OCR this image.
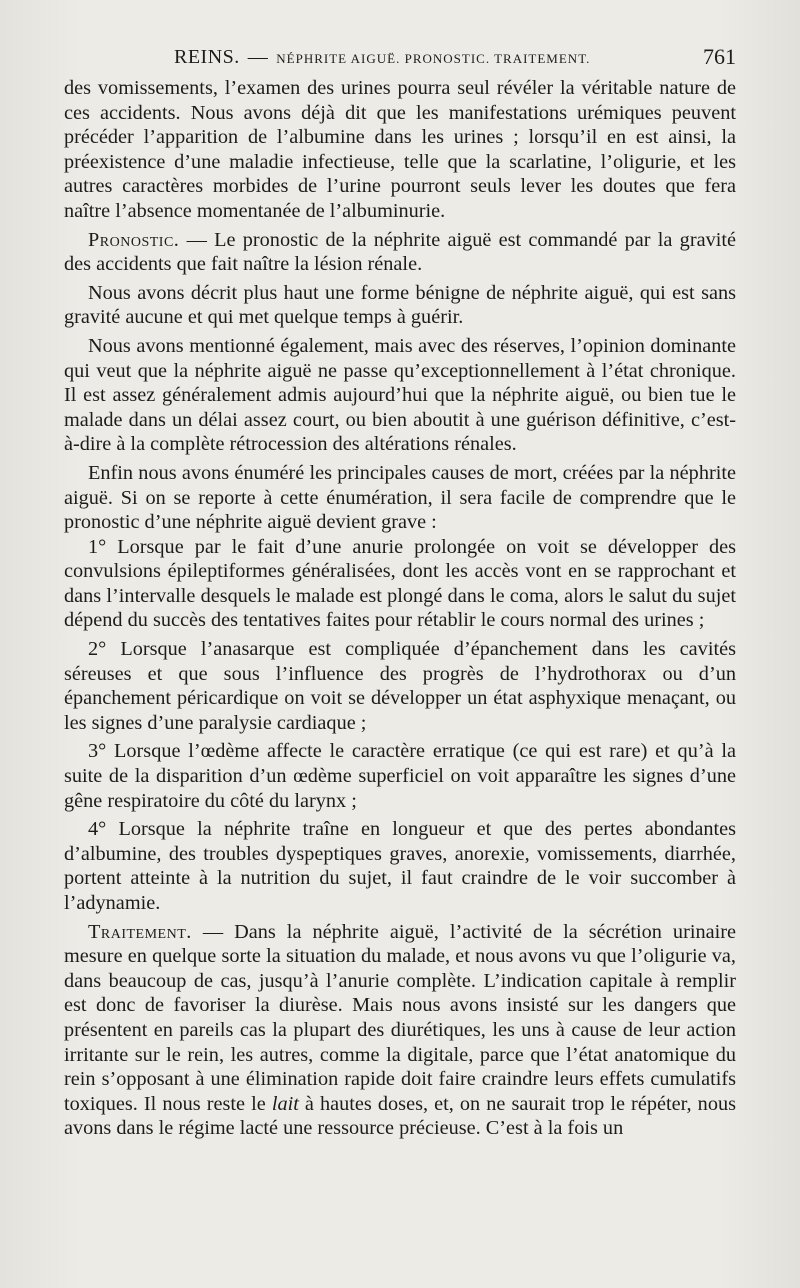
REINS. — NÉPHRITE AIGUË. PRONOSTIC. TRAITEMENT.	761

des vomissements, l’examen des urines pourra seul révéler la véritable nature de ces accidents. Nous avons déjà dit que les manifestations urémiques peuvent précéder l’apparition de l’albumine dans les urines ; lorsqu’il en est ainsi, la préexistence d’une maladie infectieuse, telle que la scarlatine, l’oligurie, et les autres caractères morbides de l’urine pourront seuls lever les doutes que fera naître l’absence momentanée de l’albuminurie.

Pronostic. — Le pronostic de la néphrite aiguë est commandé par la gravité des accidents que fait naître la lésion rénale.

Nous avons décrit plus haut une forme bénigne de néphrite aiguë, qui est sans gravité aucune et qui met quelque temps à guérir.

Nous avons mentionné également, mais avec des réserves, l’opinion dominante qui veut que la néphrite aiguë ne passe qu’exceptionnellement à l’état chronique. Il est assez généralement admis aujourd’hui que la néphrite aiguë, ou bien tue le malade dans un délai assez court, ou bien aboutit à une guérison définitive, c’est-à-dire à la complète rétrocession des altérations rénales.

Enfin nous avons énuméré les principales causes de mort, créées par la néphrite aiguë. Si on se reporte à cette énumération, il sera facile de comprendre que le pronostic d’une néphrite aiguë devient grave :

1° Lorsque par le fait d’une anurie prolongée on voit se développer des convulsions épileptiformes généralisées, dont les accès vont en se rapprochant et dans l’intervalle desquels le malade est plongé dans le coma, alors le salut du sujet dépend du succès des tentatives faites pour rétablir le cours normal des urines ;

2° Lorsque l’anasarque est compliquée d’épanchement dans les cavités séreuses et que sous l’influence des progrès de l’hydrothorax ou d’un épanchement péricardique on voit se développer un état asphyxique menaçant, ou les signes d’une paralysie cardiaque ;

3° Lorsque l’œdème affecte le caractère erratique (ce qui est rare) et qu’à la suite de la disparition d’un œdème superficiel on voit apparaître les signes d’une gêne respiratoire du côté du larynx ;

4° Lorsque la néphrite traîne en longueur et que des pertes abondantes d’albumine, des troubles dyspeptiques graves, anorexie, vomissements, diarrhée, portent atteinte à la nutrition du sujet, il faut craindre de le voir succomber à l’adynamie.

Traitement. — Dans la néphrite aiguë, l’activité de la sécrétion urinaire mesure en quelque sorte la situation du malade, et nous avons vu que l’oligurie va, dans beaucoup de cas, jusqu’à l’anurie complète. L’indication capitale à remplir est donc de favoriser la diurèse. Mais nous avons insisté sur les dangers que présentent en pareils cas la plupart des diurétiques, les uns à cause de leur action irritante sur le rein, les autres, comme la digitale, parce que l’état anatomique du rein s’opposant à une élimination rapide doit faire craindre leurs effets cumulatifs toxiques. Il nous reste le lait à hautes doses, et, on ne saurait trop le répéter, nous avons dans le régime lacté une ressource précieuse. C’est à la fois un
